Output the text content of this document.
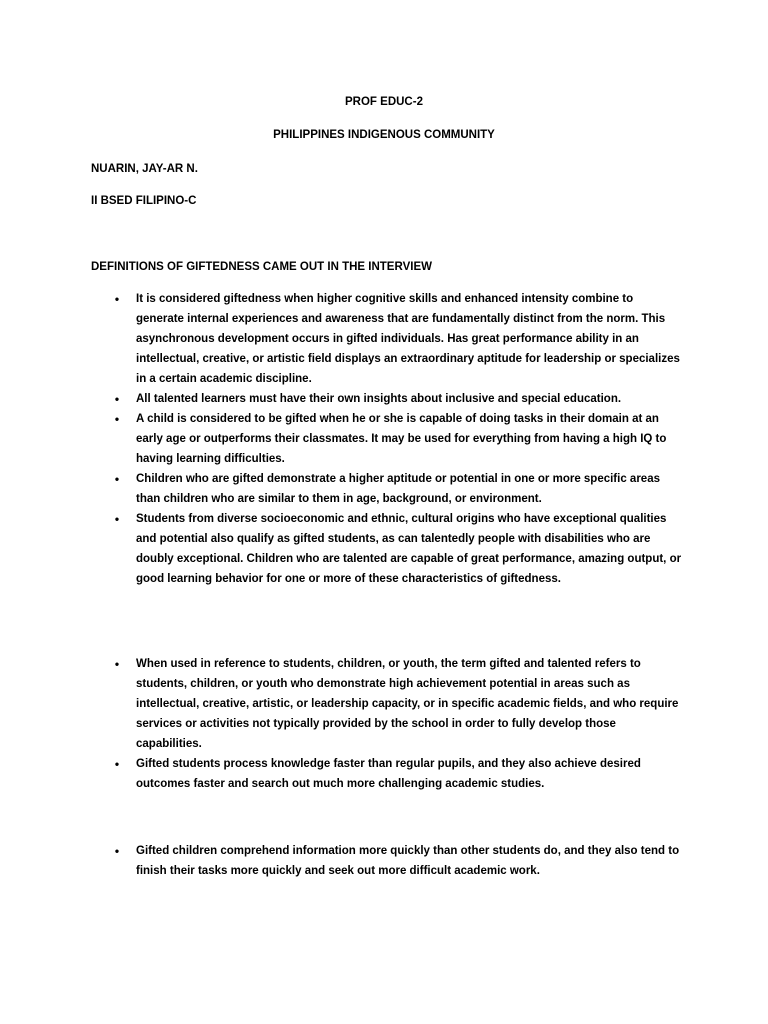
PROF EDUC-2
PHILIPPINES INDIGENOUS COMMUNITY
NUARIN, JAY-AR N.
II BSED FILIPINO-C
DEFINITIONS OF GIFTEDNESS CAME OUT IN THE INTERVIEW
• It is considered giftedness when higher cognitive skills and enhanced intensity combine to generate internal experiences and awareness that are fundamentally distinct from the norm. This asynchronous development occurs in gifted individuals. Has great performance ability in an intellectual, creative, or artistic field displays an extraordinary aptitude for leadership or specializes in a certain academic discipline.
• All talented learners must have their own insights about inclusive and special education.
• A child is considered to be gifted when he or she is capable of doing tasks in their domain at an early age or outperforms their classmates. It may be used for everything from having a high IQ to having learning difficulties.
• Children who are gifted demonstrate a higher aptitude or potential in one or more specific areas than children who are similar to them in age, background, or environment.
• Students from diverse socioeconomic and ethnic, cultural origins who have exceptional qualities and potential also qualify as gifted students, as can talentedly people with disabilities who are doubly exceptional. Children who are talented are capable of great performance, amazing output, or good learning behavior for one or more of these characteristics of giftedness.
• When used in reference to students, children, or youth, the term gifted and talented refers to students, children, or youth who demonstrate high achievement potential in areas such as intellectual, creative, artistic, or leadership capacity, or in specific academic fields, and who require services or activities not typically provided by the school in order to fully develop those capabilities.
• Gifted students process knowledge faster than regular pupils, and they also achieve desired outcomes faster and search out much more challenging academic studies.
• Gifted children comprehend information more quickly than other students do, and they also tend to finish their tasks more quickly and seek out more difficult academic work.
